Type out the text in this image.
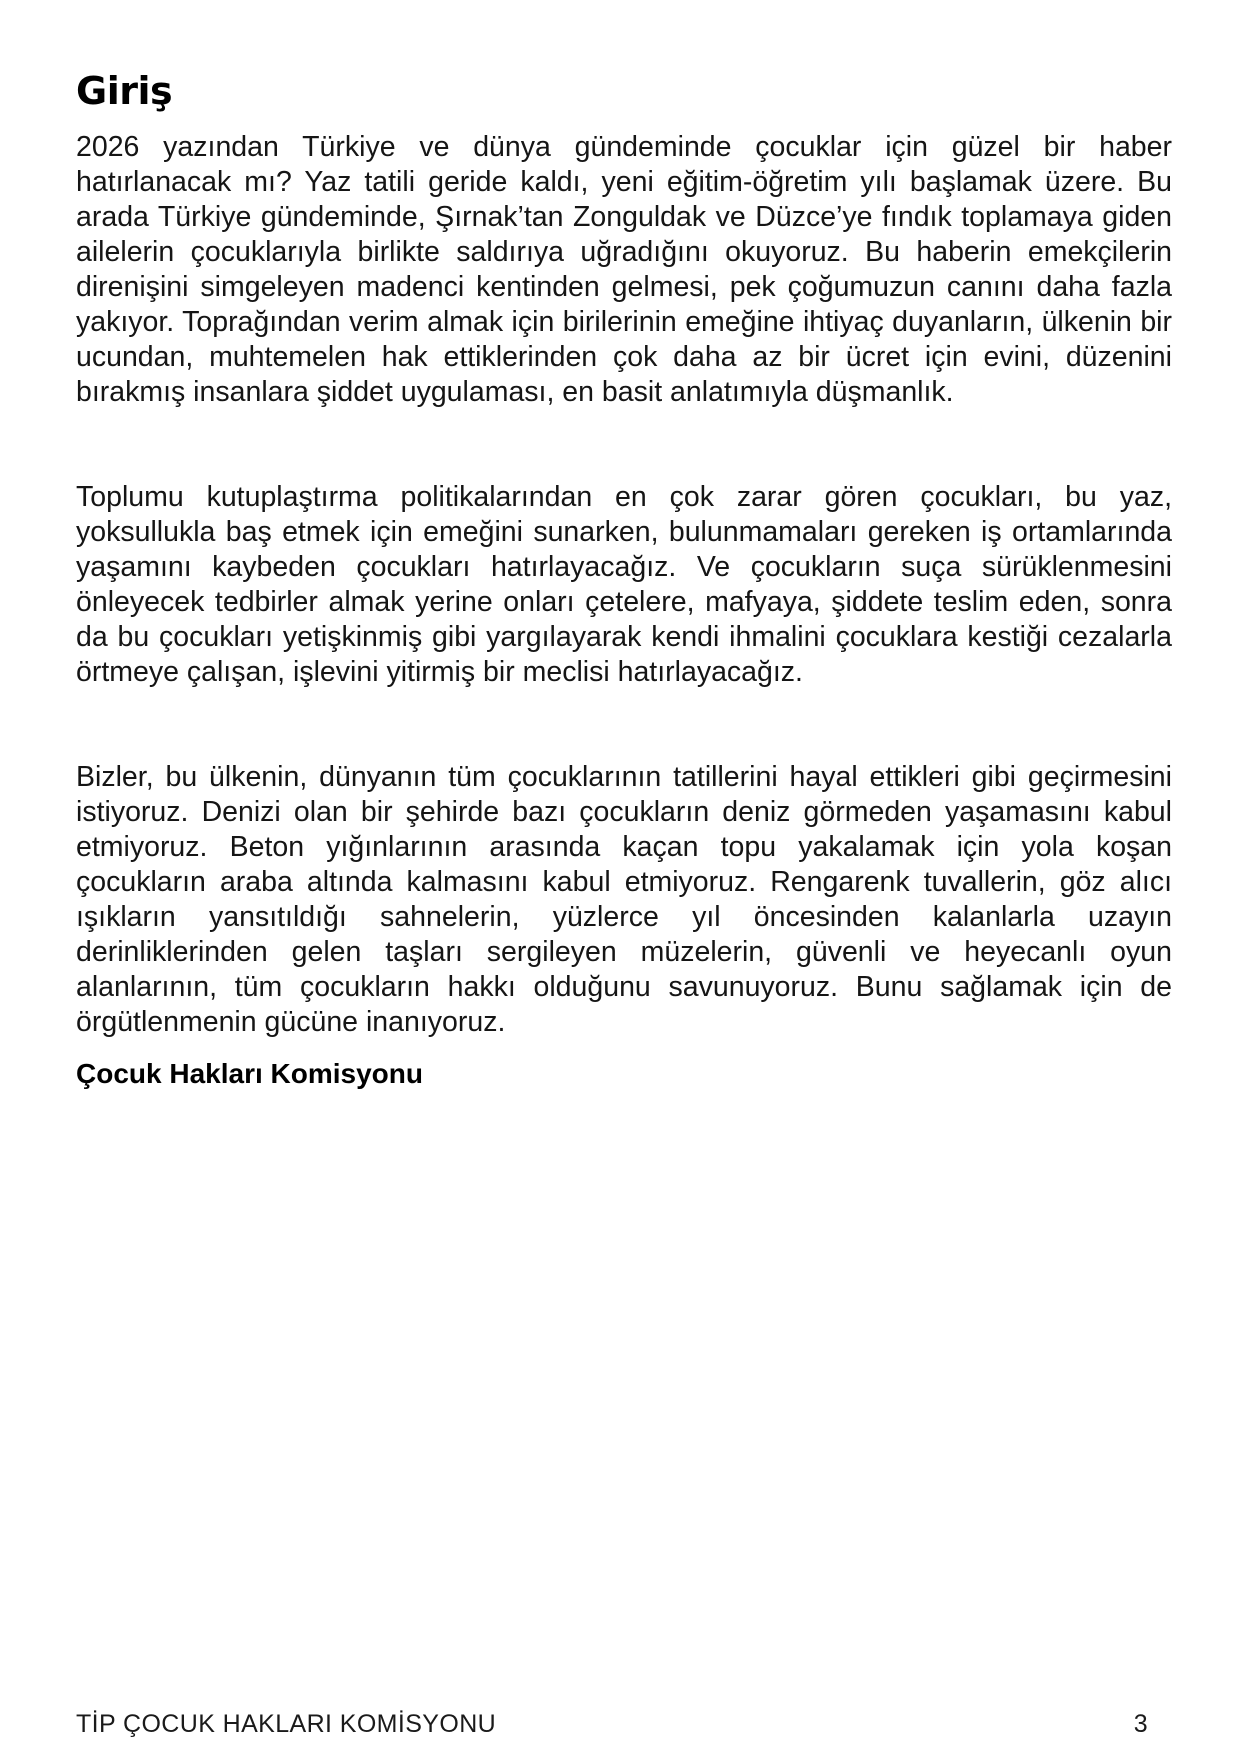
Giriş

2026 yazından Türkiye ve dünya gündeminde çocuklar için güzel bir haber hatırlanacak mı? Yaz tatili geride kaldı, yeni eğitim-öğretim yılı başlamak üzere. Bu arada Türkiye gündeminde, Şırnak’tan Zonguldak ve Düzce’ye fındık toplamaya giden ailelerin çocuklarıyla birlikte saldırıya uğradığını okuyoruz. Bu haberin emekçilerin direnişini simgeleyen madenci kentinden gelmesi, pek çoğumuzun canını daha fazla yakıyor. Toprağından verim almak için birilerinin emeğine ihtiyaç duyanların, ülkenin bir ucundan, muhtemelen hak ettiklerinden çok daha az bir ücret için evini, düzenini bırakmış insanlara şiddet uygulaması, en basit anlatımıyla düşmanlık.

Toplumu kutuplaştırma politikalarından en çok zarar gören çocukları, bu yaz, yoksullukla baş etmek için emeğini sunarken, bulunmamaları gereken iş ortamlarında yaşamını kaybeden çocukları hatırlayacağız. Ve çocukların suça sürüklenmesini önleyecek tedbirler almak yerine onları çetelere, mafyaya, şiddete teslim eden, sonra da bu çocukları yetişkinmiş gibi yargılayarak kendi ihmalini çocuklara kestiği cezalarla örtmeye çalışan, işlevini yitirmiş bir meclisi hatırlayacağız.

Bizler, bu ülkenin, dünyanın tüm çocuklarının tatillerini hayal ettikleri gibi geçirmesini istiyoruz. Denizi olan bir şehirde bazı çocukların deniz görmeden yaşamasını kabul etmiyoruz. Beton yığınlarının arasında kaçan topu yakalamak için yola koşan çocukların araba altında kalmasını kabul etmiyoruz. Rengarenk tuvallerin, göz alıcı ışıkların yansıtıldığı sahnelerin, yüzlerce yıl öncesinden kalanlarla uzayın derinliklerinden gelen taşları sergileyen müzelerin, güvenli ve heyecanlı oyun alanlarının, tüm çocukların hakkı olduğunu savunuyoruz. Bunu sağlamak için de örgütlenmenin gücüne inanıyoruz.

Çocuk Hakları Komisyonu

TİP ÇOCUK HAKLARI KOMİSYONU	3
